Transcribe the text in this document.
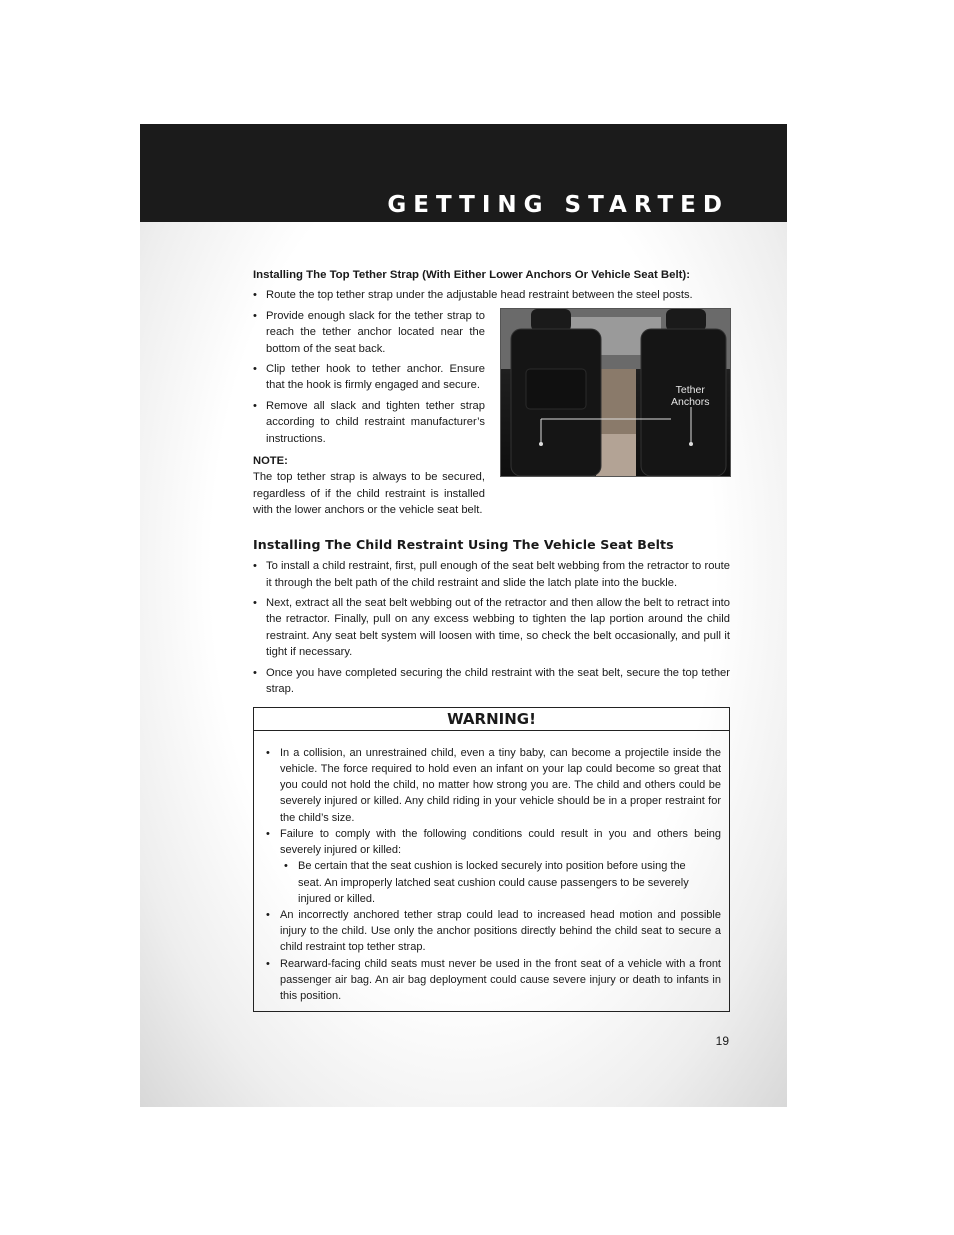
GETTING STARTED
Installing The Top Tether Strap (With Either Lower Anchors Or Vehicle Seat Belt):
• Route the top tether strap under the adjustable head restraint between the steel posts.
• Provide enough slack for the tether strap to reach the tether anchor located near the bottom of the seat back.
• Clip tether hook to tether anchor. Ensure that the hook is firmly engaged and secure.
• Remove all slack and tighten tether strap according to child restraint manufacturer’s instructions.
NOTE:
The top tether strap is always to be secured, regardless of if the child restraint is installed with the lower anchors or the vehicle seat belt.
Tether
Anchors
Installing The Child Restraint Using The Vehicle Seat Belts
• To install a child restraint, first, pull enough of the seat belt webbing from the retractor to route it through the belt path of the child restraint and slide the latch plate into the buckle.
• Next, extract all the seat belt webbing out of the retractor and then allow the belt to retract into the retractor. Finally, pull on any excess webbing to tighten the lap portion around the child restraint. Any seat belt system will loosen with time, so check the belt occasionally, and pull it tight if necessary.
• Once you have completed securing the child restraint with the seat belt, secure the top tether strap.
WARNING!
• In a collision, an unrestrained child, even a tiny baby, can become a projectile inside the vehicle. The force required to hold even an infant on your lap could become so great that you could not hold the child, no matter how strong you are. The child and others could be severely injured or killed. Any child riding in your vehicle should be in a proper restraint for the child’s size.
• Failure to comply with the following conditions could result in you and others being severely injured or killed:
• Be certain that the seat cushion is locked securely into position before using the seat. An improperly latched seat cushion could cause passengers to be severely injured or killed.
• An incorrectly anchored tether strap could lead to increased head motion and possible injury to the child. Use only the anchor positions directly behind the child seat to secure a child restraint top tether strap.
• Rearward-facing child seats must never be used in the front seat of a vehicle with a front passenger air bag. An air bag deployment could cause severe injury or death to infants in this position.
19
